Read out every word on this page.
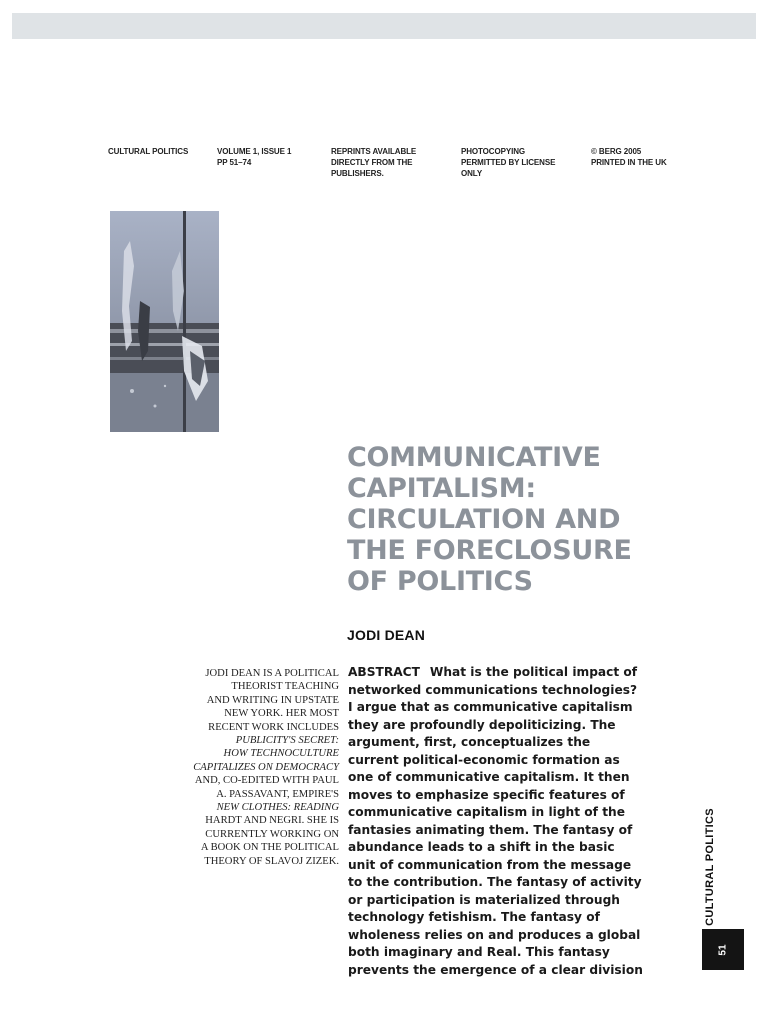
CULTURAL POLITICS	VOLUME 1, ISSUE 1
PP 51–74
REPRINTS AVAILABLE
DIRECTLY FROM THE
PUBLISHERS.
PHOTOCOPYING
PERMITTED BY LICENSE
ONLY
© BERG 2005
PRINTED IN THE UK
COMMUNICATIVE CAPITALISM: CIRCULATION AND THE FORECLOSURE OF POLITICS
JODI DEAN
JODI DEAN IS A POLITICAL
THEORIST TEACHING
AND WRITING IN UPSTATE
NEW YORK. HER MOST
RECENT WORK INCLUDES
PUBLICITY'S SECRET:
HOW TECHNOCULTURE
CAPITALIZES ON DEMOCRACY
AND, CO-EDITED WITH PAUL
A. PASSAVANT, EMPIRE'S
NEW CLOTHES: READING
HARDT AND NEGRI. SHE IS
CURRENTLY WORKING ON
A BOOK ON THE POLITICAL
THEORY OF SLAVOJ ZIZEK.
ABSTRACT What is the political impact of
networked communications technologies?
I argue that as communicative capitalism
they are profoundly depoliticizing. The
argument, first, conceptualizes the
current political-economic formation as
one of communicative capitalism. It then
moves to emphasize specific features of
communicative capitalism in light of the
fantasies animating them. The fantasy of
abundance leads to a shift in the basic
unit of communication from the message
to the contribution. The fantasy of activity
or participation is materialized through
technology fetishism. The fantasy of
wholeness relies on and produces a global
both imaginary and Real. This fantasy
prevents the emergence of a clear division
CULTURAL POLITICS
51
